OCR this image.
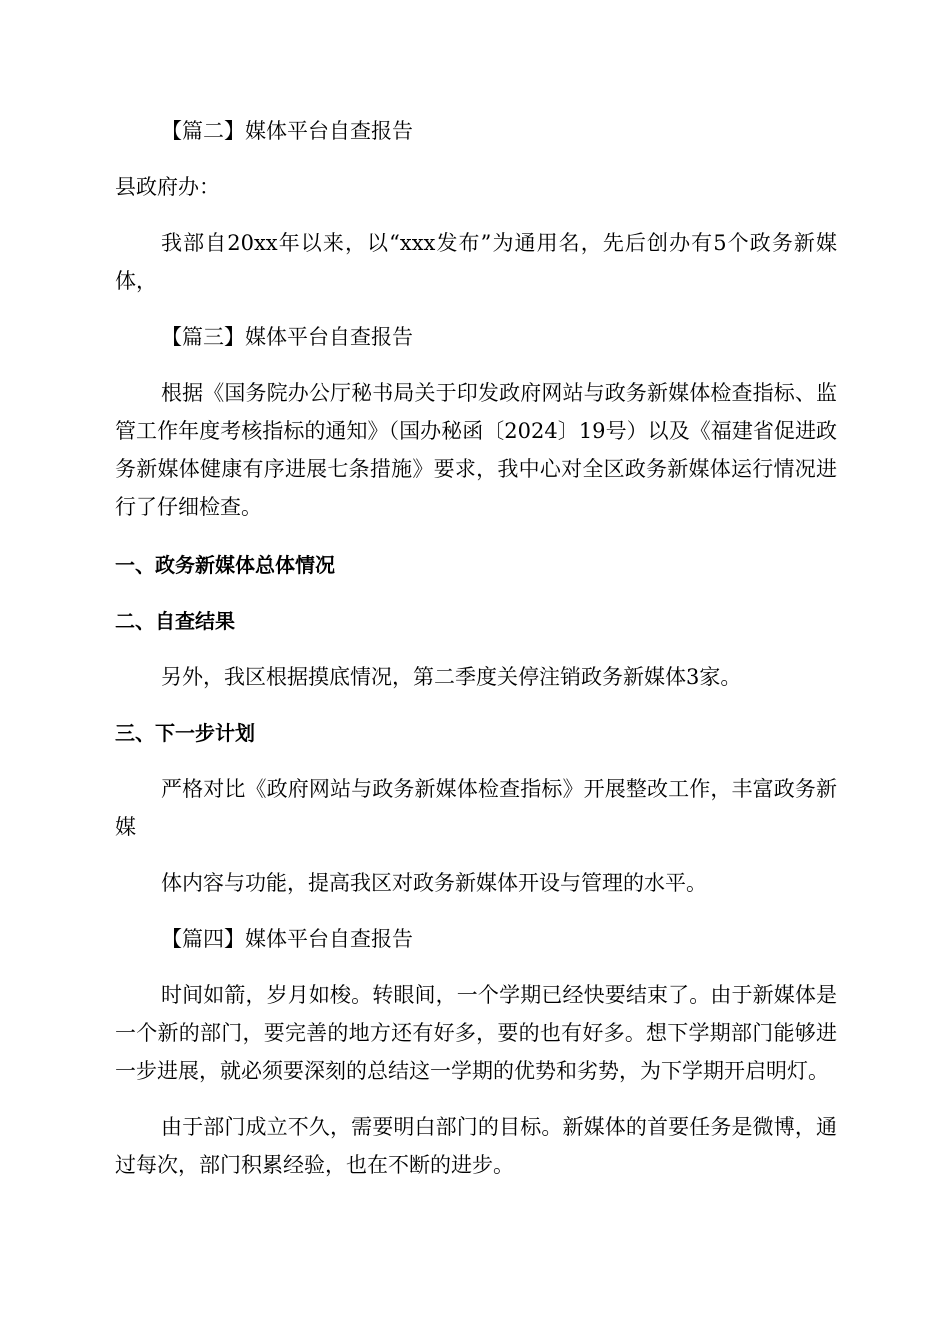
【篇二】媒体平台自查报告

县政府办：

我部自20xx年以来，以“xxx发布”为通用名，先后创办有5个政务新媒体，

【篇三】媒体平台自查报告

根据《国务院办公厅秘书局关于印发政府网站与政务新媒体检查指标、监管工作年度考核指标的通知》（国办秘函〔2024〕19号）以及《福建省促进政务新媒体健康有序进展七条措施》要求，我中心对全区政务新媒体运行情况进行了仔细检查。

一、政务新媒体总体情况

二、自查结果

另外，我区根据摸底情况，第二季度关停注销政务新媒体3家。

三、下一步计划

严格对比《政府网站与政务新媒体检查指标》开展整改工作，丰富政务新媒

体内容与功能，提高我区对政务新媒体开设与管理的水平。

【篇四】媒体平台自查报告

时间如箭，岁月如梭。转眼间，一个学期已经快要结束了。由于新媒体是一个新的部门，要完善的地方还有好多，要的也有好多。想下学期部门能够进一步进展，就必须要深刻的总结这一学期的优势和劣势，为下学期开启明灯。

由于部门成立不久，需要明白部门的目标。新媒体的首要任务是微博，通过每次，部门积累经验，也在不断的进步。
